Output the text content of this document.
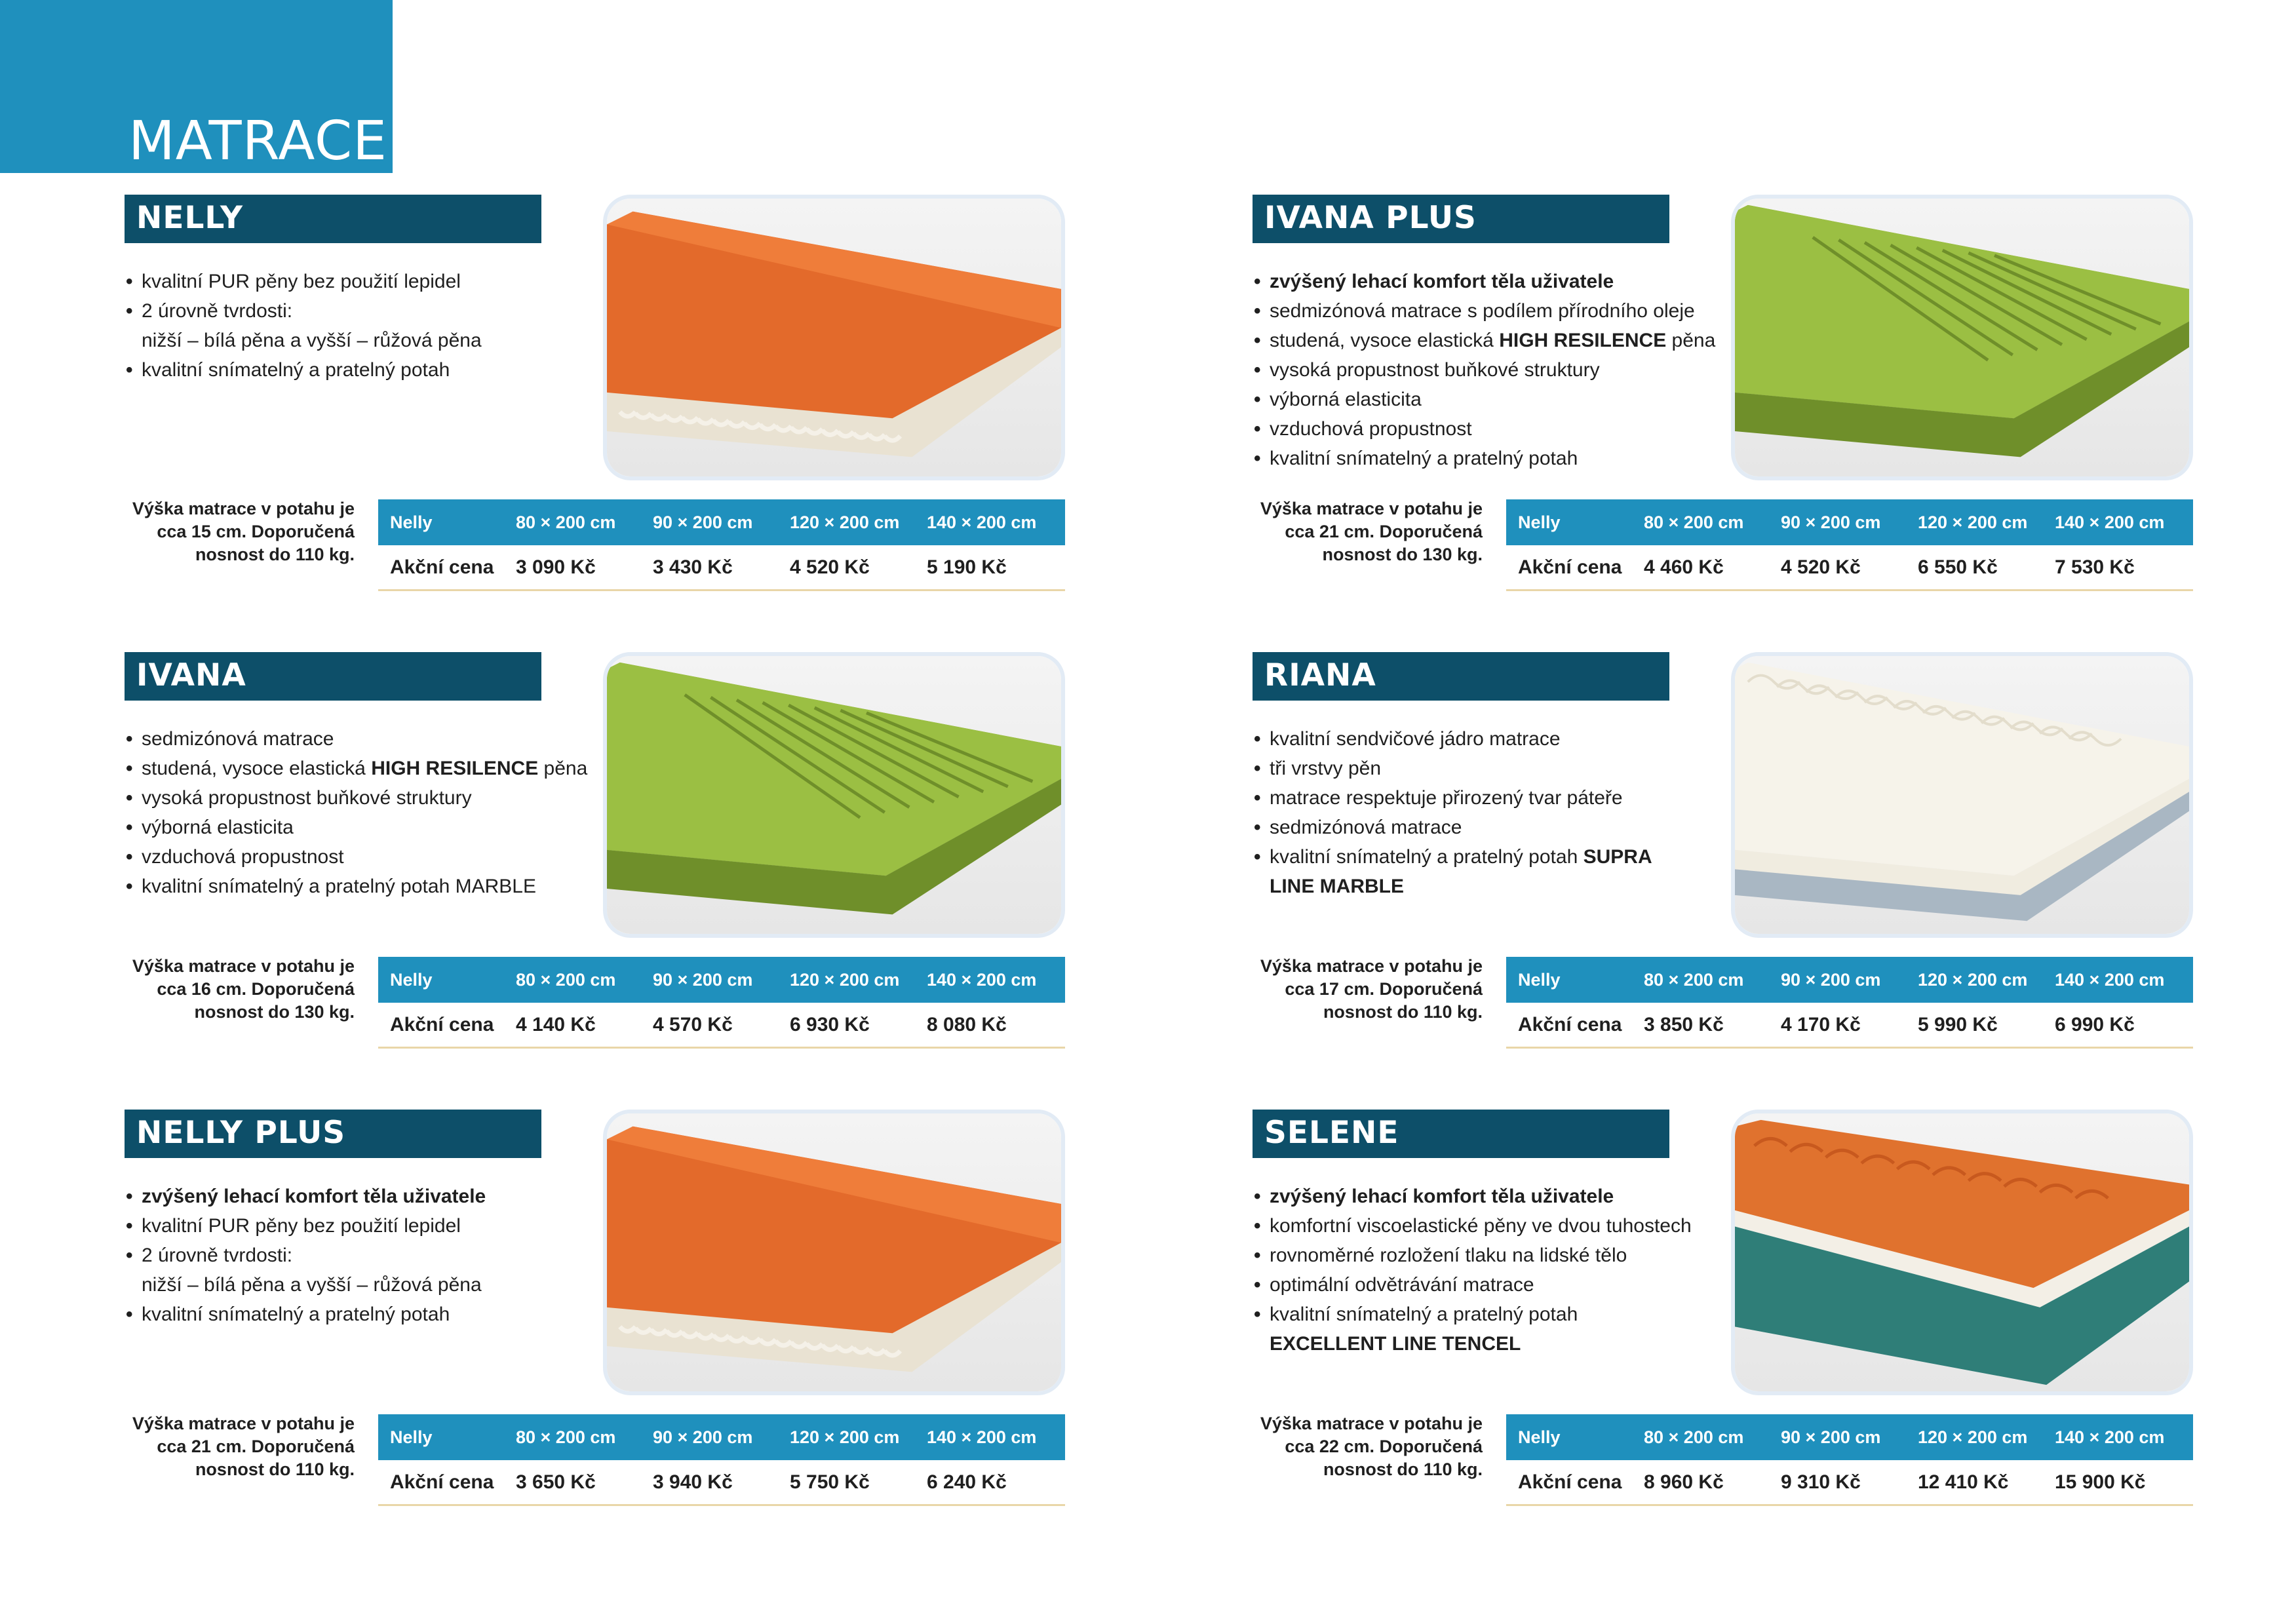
MATRACE
NELLY
• kvalitní PUR pěny bez použití lepidel
• 2 úrovně tvrdosti:
nižší – bílá pěna a vyšší – růžová pěna
• kvalitní snímatelný a pratelný potah
Výška matrace v potahu je cca 15 cm. Doporučená nosnost do 110 kg.
Nelly	80 × 200 cm	90 × 200 cm	120 × 200 cm	140 × 200 cm
Akční cena	3 090 Kč	3 430 Kč	4 520 Kč	5 190 Kč
IVANA PLUS
• zvýšený lehací komfort těla uživatele
• sedmizónová matrace s podílem přírodního oleje
• studená, vysoce elastická HIGH RESILENCE pěna
• vysoká propustnost buňkové struktury
• výborná elasticita
• vzduchová propustnost
• kvalitní snímatelný a pratelný potah
Výška matrace v potahu je cca 21 cm. Doporučená nosnost do 130 kg.
Nelly	80 × 200 cm	90 × 200 cm	120 × 200 cm	140 × 200 cm
Akční cena	4 460 Kč	4 520 Kč	6 550 Kč	7 530 Kč
IVANA
• sedmizónová matrace
• studená, vysoce elastická HIGH RESILENCE pěna
• vysoká propustnost buňkové struktury
• výborná elasticita
• vzduchová propustnost
• kvalitní snímatelný a pratelný potah MARBLE
Výška matrace v potahu je cca 16 cm. Doporučená nosnost do 130 kg.
Nelly	80 × 200 cm	90 × 200 cm	120 × 200 cm	140 × 200 cm
Akční cena	4 140 Kč	4 570 Kč	6 930 Kč	8 080 Kč
RIANA
• kvalitní sendvičové jádro matrace
• tři vrstvy pěn
• matrace respektuje přirozený tvar páteře
• sedmizónová matrace
• kvalitní snímatelný a pratelný potah SUPRA LINE MARBLE
Výška matrace v potahu je cca 17 cm. Doporučená nosnost do 110 kg.
Nelly	80 × 200 cm	90 × 200 cm	120 × 200 cm	140 × 200 cm
Akční cena	3 850 Kč	4 170 Kč	5 990 Kč	6 990 Kč
NELLY PLUS
• zvýšený lehací komfort těla uživatele
• kvalitní PUR pěny bez použití lepidel
• 2 úrovně tvrdosti:
nižší – bílá pěna a vyšší – růžová pěna
• kvalitní snímatelný a pratelný potah
Výška matrace v potahu je cca 21 cm. Doporučená nosnost do 110 kg.
Nelly	80 × 200 cm	90 × 200 cm	120 × 200 cm	140 × 200 cm
Akční cena	3 650 Kč	3 940 Kč	5 750 Kč	6 240 Kč
SELENE
• zvýšený lehací komfort těla uživatele
• komfortní viscoelastické pěny ve dvou tuhostech
• rovnoměrné rozložení tlaku na lidské tělo
• optimální odvětrávání matrace
• kvalitní snímatelný a pratelný potah EXCELLENT LINE TENCEL
Výška matrace v potahu je cca 22 cm. Doporučená nosnost do 110 kg.
Nelly	80 × 200 cm	90 × 200 cm	120 × 200 cm	140 × 200 cm
Akční cena	8 960 Kč	9 310 Kč	12 410 Kč	15 900 Kč
